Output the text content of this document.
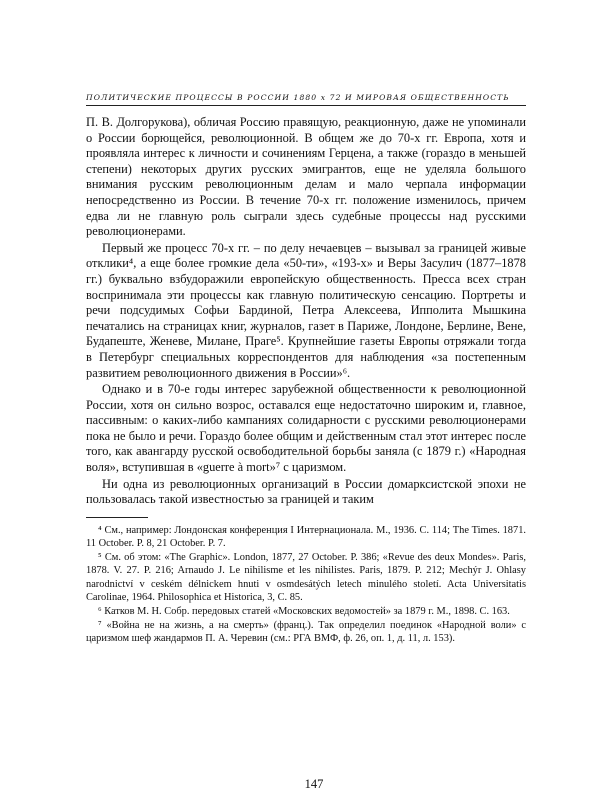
ПОЛИТИЧЕСКИЕ ПРОЦЕССЫ В РОССИИ 1880 x 72 И МИРОВАЯ ОБЩЕСТВЕННОСТЬ

П. В. Долгорукова), обличая Россию правящую, реакционную, даже не упоминали о России борющейся, революционной. В общем же до 70-х гг. Европа, хотя и проявляла интерес к личности и сочинениям Герцена, а также (гораздо в меньшей степени) некоторых других русских эмигрантов, еще не уделяла большого внимания русским революционным делам и мало черпала информации непосредственно из России. В течение 70-х гг. положение изменилось, причем едва ли не главную роль сыграли здесь судебные процессы над русскими революционерами.

Первый же процесс 70-х гг. – по делу нечаевцев – вызывал за границей живые отклики⁴, а еще более громкие дела «50-ти», «193-х» и Веры Засулич (1877–1878 гг.) буквально взбудоражили европейскую общественность. Пресса всех стран воспринимала эти процессы как главную политическую сенсацию. Портреты и речи подсудимых Софьи Бардиной, Петра Алексеева, Ипполита Мышкина печатались на страницах книг, журналов, газет в Париже, Лондоне, Берлине, Вене, Будапеште, Женеве, Милане, Праге⁵. Крупнейшие газеты Европы отряжали тогда в Петербург специальных корреспондентов для наблюдения «за постепенным развитием революционного движения в России»⁶.

Однако и в 70-е годы интерес зарубежной общественности к революционной России, хотя он сильно возрос, оставался еще недостаточно широким и, главное, пассивным: о каких-либо кампаниях солидарности с русскими революционерами пока не было и речи. Гораздо более общим и действенным стал этот интерес после того, как авангарду русской освободительной борьбы заняла (с 1879 г.) «Народная воля», вступившая в «guerre à mort»⁷ с царизмом.

Ни одна из революционных организаций в России домарксистской эпохи не пользовалась такой известностью за границей и таким

⁴ См., например: Лондонская конференция I Интернационала. М., 1936. С. 114; The Times. 1871. 11 October. P. 8, 21 October. P. 7.

⁵ См. об этом: «The Graphic». London, 1877, 27 October. P. 386; «Revue des deux Mondes». Paris, 1878. V. 27. P. 216; Arnaudo J. Le nihilisme et les nihilistes. Paris, 1879. P. 212; Mechýr J. Ohlasy narodnictví v ceském délnickem hnuti v osmdesátých letech minulého století. Acta Universitatis Carolinae, 1964. Philosophica et Historica, 3, C. 85.

⁶ Катков М. Н. Собр. передовых статей «Московских ведомостей» за 1879 г. М., 1898. С. 163.

⁷ «Война не на жизнь, а на смерть» (франц.). Так определил поединок «Народной воли» с царизмом шеф жандармов П. А. Черевин (см.: РГА ВМФ, ф. 26, оп. 1, д. 11, л. 153).

147
